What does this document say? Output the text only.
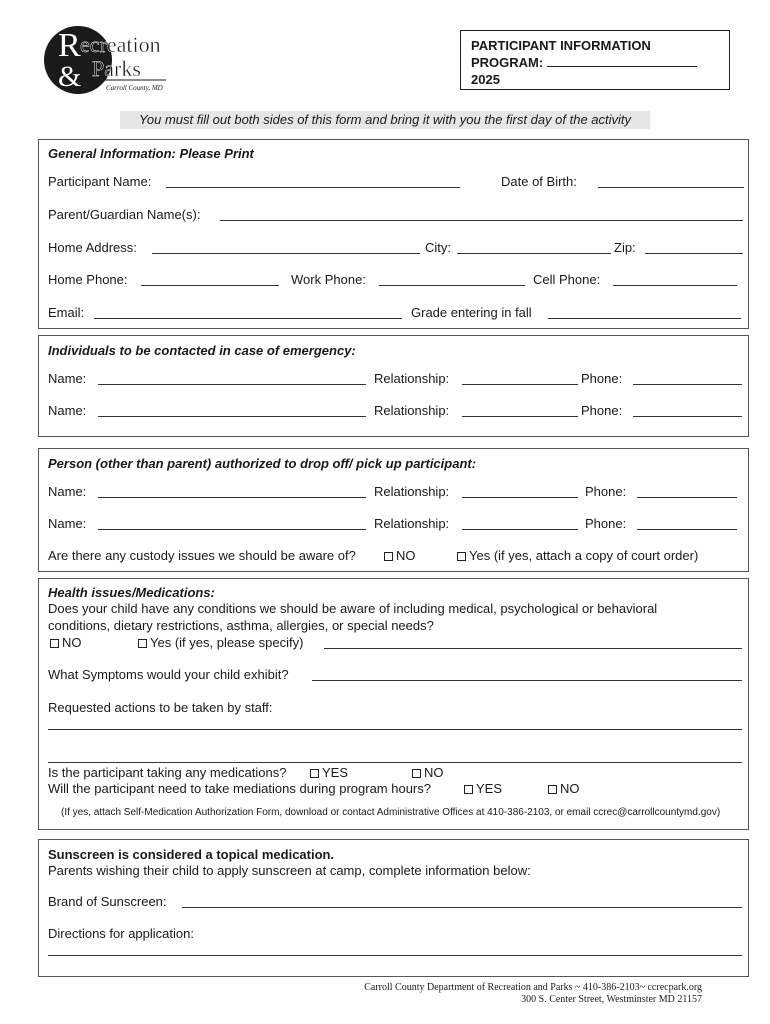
R
&
ecreation
Parks
Carroll County, MD
PARTICIPANT INFORMATION
PROGRAM:
2025
You must fill out both sides of this form and bring it with you the first day of the activity
General Information: Please Print
Participant Name:	Date of Birth:
Parent/Guardian Name(s):
Home Address:	City:	Zip:
Home Phone:	Work Phone:	Cell Phone:
Email:	Grade entering in fall
Individuals to be contacted in case of emergency:
Name:	Relationship:	Phone:
Name:	Relationship:	Phone:
Person (other than parent) authorized to drop off/ pick up participant:
Name:	Relationship:	Phone:
Name:	Relationship:	Phone:
Are there any custody issues we should be aware of?	NO	Yes (if yes, attach a copy of court order)
Health issues/Medications:
Does your child have any conditions we should be aware of including medical, psychological or behavioral
conditions, dietary restrictions, asthma, allergies, or special needs?
NO	Yes (if yes, please specify)
What Symptoms would your child exhibit?
Requested actions to be taken by staff:
Is the participant taking any medications?	YES	NO
Will the participant need to take mediations during program hours?	YES	NO
(If yes, attach Self-Medication Authorization Form, download or contact Administrative Offices at 410-386-2103, or email ccrec@carrollcountymd.gov)
Sunscreen is considered a topical medication.
Parents wishing their child to apply sunscreen at camp, complete information below:
Brand of Sunscreen:
Directions for application:
Carroll County Department of Recreation and Parks ~ 410-386-2103~ ccrecpark.org
300 S. Center Street, Westminster MD 21157
